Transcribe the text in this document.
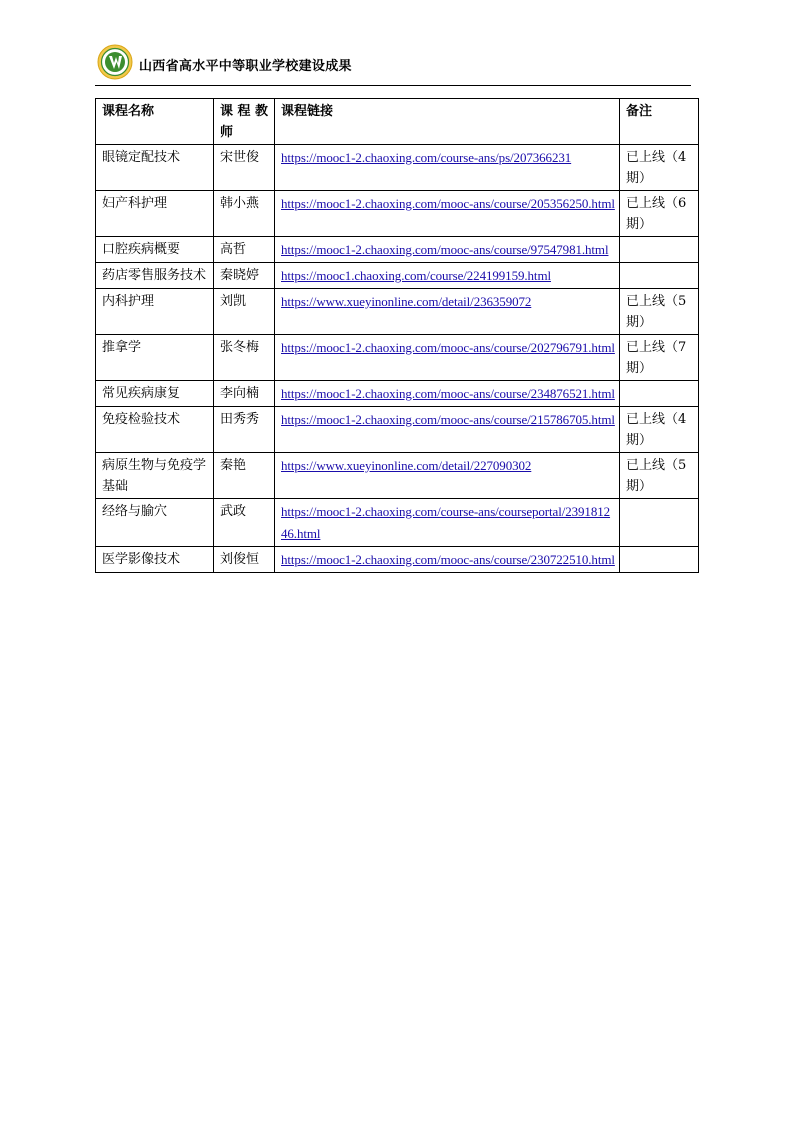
山西省高水平中等职业学校建设成果
课程名称	课 程 教师	课程链接	备注
眼镜定配技术	宋世俊	https://mooc1-2.chaoxing.com/course-ans/ps/207366231	已上线（4期）
妇产科护理	韩小燕	https://mooc1-2.chaoxing.com/mooc-ans/course/205356250.html	已上线（6期）
口腔疾病概要	高哲	https://mooc1-2.chaoxing.com/mooc-ans/course/97547981.html	
药店零售服务技术	秦晓婷	https://mooc1.chaoxing.com/course/224199159.html	
内科护理	刘凯	https://www.xueyinonline.com/detail/236359072	已上线（5期）
推拿学	张冬梅	https://mooc1-2.chaoxing.com/mooc-ans/course/202796791.html	已上线（7期）
常见疾病康复	李向楠	https://mooc1-2.chaoxing.com/mooc-ans/course/234876521.html	
免疫检验技术	田秀秀	https://mooc1-2.chaoxing.com/mooc-ans/course/215786705.html	已上线（4期）
病原生物与免疫学基础	秦艳	https://www.xueyinonline.com/detail/227090302	已上线（5期）
经络与腧穴	武政	https://mooc1-2.chaoxing.com/course-ans/courseportal/239181246.html	
医学影像技术	刘俊恒	https://mooc1-2.chaoxing.com/mooc-ans/course/230722510.html	
